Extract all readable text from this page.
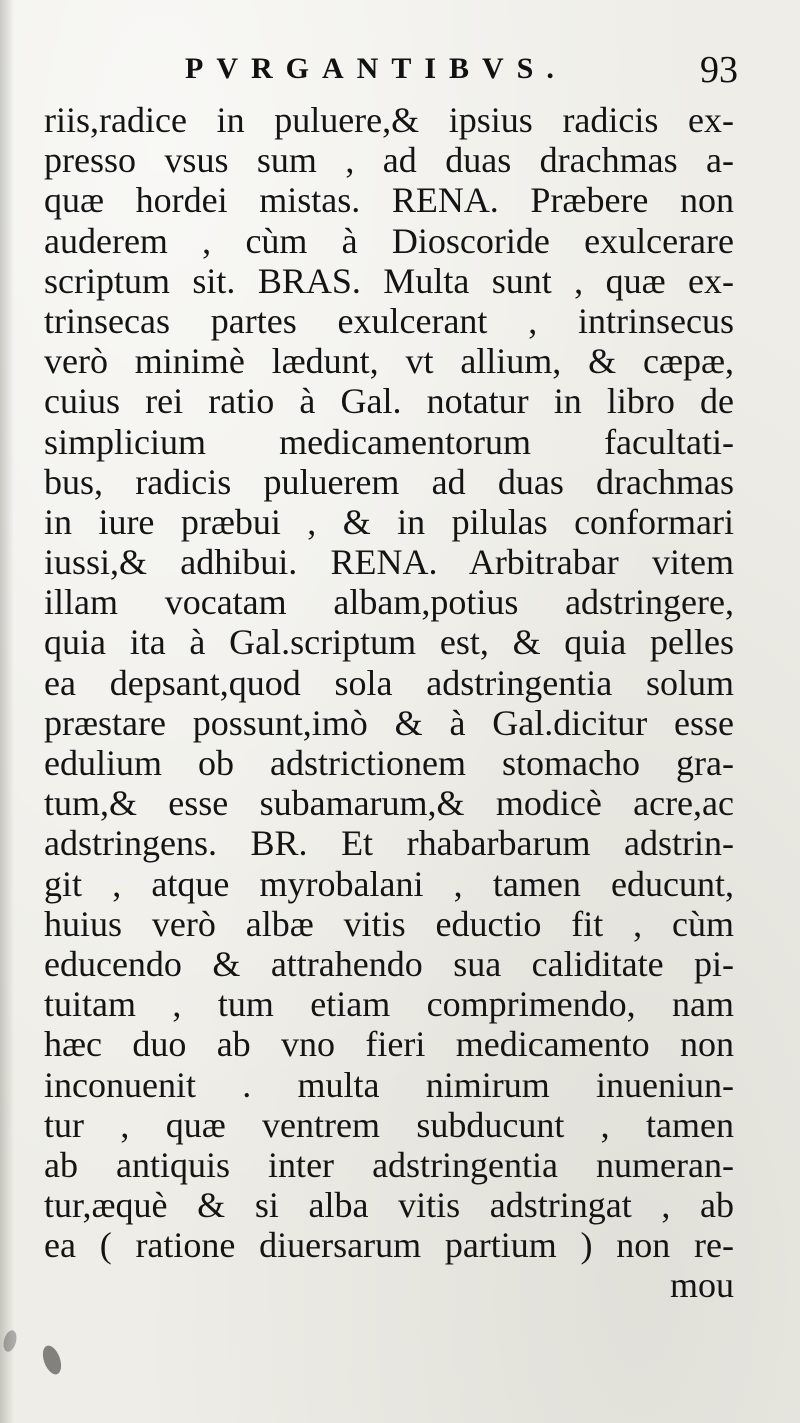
PVRGANTIBVS.	93
riis,radice in puluere,& ipsius radicis ex-
presso vsus sum , ad duas drachmas a-
quæ hordei mistas. RENA. Præbere non
auderem , cùm à Dioscoride exulcerare
scriptum sit. BRAS. Multa sunt , quæ ex-
trinsecas partes exulcerant , intrinsecus
verò minimè lædunt, vt allium, & cæpæ,
cuius rei ratio à Gal. notatur in libro de
simplicium medicamentorum facultati-
bus, radicis puluerem ad duas drachmas
in iure præbui , & in pilulas conformari
iussi,& adhibui. RENA. Arbitrabar vitem
illam vocatam albam,potius adstringere,
quia ita à Gal.scriptum est, & quia pelles
ea depsant,quod sola adstringentia solum
præstare possunt,imò & à Gal.dicitur esse
edulium ob adstrictionem stomacho gra-
tum,& esse subamarum,& modicè acre,ac
adstringens. BR. Et rhabarbarum adstrin-
git , atque myrobalani , tamen educunt,
huius verò albæ vitis eductio fit , cùm
educendo & attrahendo sua caliditate pi-
tuitam , tum etiam comprimendo, nam
hæc duo ab vno fieri medicamento non
inconuenit . multa nimirum inueniun-
tur , quæ ventrem subducunt , tamen
ab antiquis inter adstringentia numeran-
tur,æquè & si alba vitis adstringat , ab
ea ( ratione diuersarum partium ) non re-
mou
